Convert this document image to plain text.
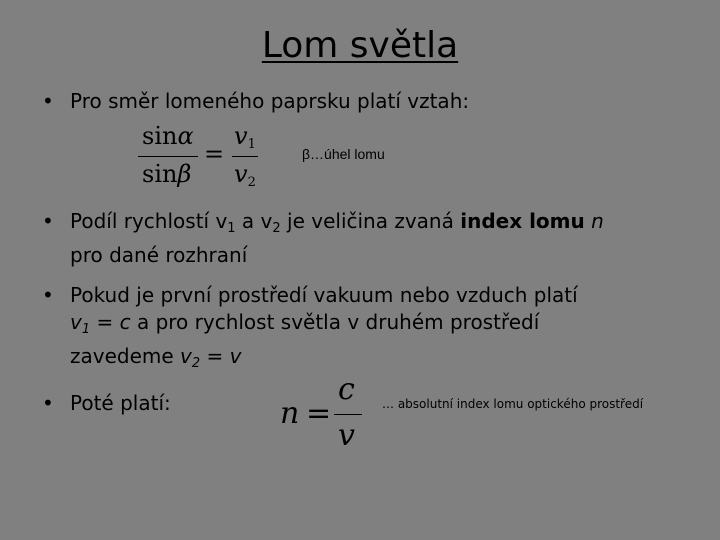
Lom světla
• Pro směr lomeného paprsku platí vztah:
sinα
sinβ
=
$v_1$
$v_2$
β…úhel lomu
• Podíl rychlostí $v_1$ a $v_2$ je veličina zvaná index lomu n
pro dané rozhraní
• Pokud je první prostředí vakuum nebo vzduch platí
$v_1 = c$ a pro rychlost světla v druhém prostředí
zavedeme $v_2 = v$
• Poté platí:	n =
c
v
… absolutní index lomu optického prostředí
